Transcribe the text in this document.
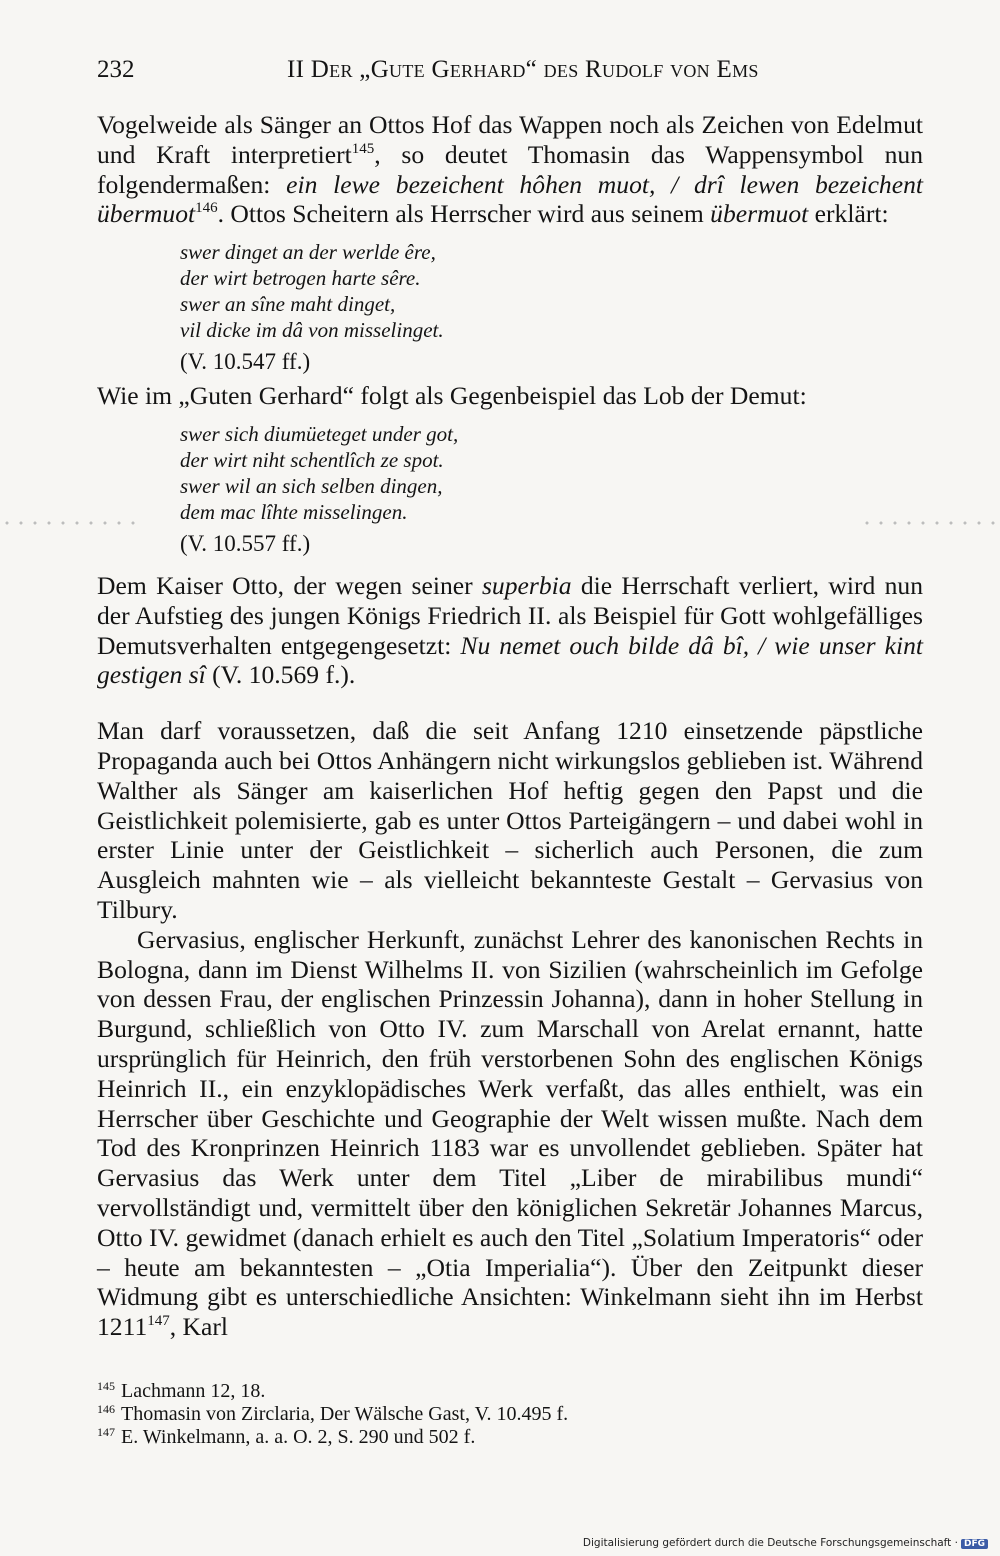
232	II Der „Gute Gerhard“ des Rudolf von Ems

Vogelweide als Sänger an Ottos Hof das Wappen noch als Zeichen von Edelmut und Kraft interpretiert$^{145}$, so deutet Thomasin das Wappensymbol nun folgendermaßen: ein lewe bezeichent hôhen muot, / drî lewen bezeichent übermuot$^{146}$. Ottos Scheitern als Herrscher wird aus seinem übermuot erklärt:

swer dinget an der werlde êre,
der wirt betrogen harte sêre.
swer an sîne maht dinget,
vil dicke im dâ von misselinget.
(V. 10.547 ff.)

Wie im „Guten Gerhard“ folgt als Gegenbeispiel das Lob der Demut:

swer sich diumüeteget under got,
der wirt niht schentlîch ze spot.
swer wil an sich selben dingen,
dem mac lîhte misselingen.
(V. 10.557 ff.)

Dem Kaiser Otto, der wegen seiner superbia die Herrschaft verliert, wird nun der Aufstieg des jungen Königs Friedrich II. als Beispiel für Gott wohlgefälliges Demutsverhalten entgegengesetzt: Nu nemet ouch bilde dâ bî, / wie unser kint gestigen sî (V. 10.569 f.).

Man darf voraussetzen, daß die seit Anfang 1210 einsetzende päpstliche Propaganda auch bei Ottos Anhängern nicht wirkungslos geblieben ist. Während Walther als Sänger am kaiserlichen Hof heftig gegen den Papst und die Geistlichkeit polemisierte, gab es unter Ottos Parteigängern – und dabei wohl in erster Linie unter der Geistlichkeit – sicherlich auch Personen, die zum Ausgleich mahnten wie – als vielleicht bekannteste Gestalt – Gervasius von Tilbury.

Gervasius, englischer Herkunft, zunächst Lehrer des kanonischen Rechts in Bologna, dann im Dienst Wilhelms II. von Sizilien (wahrscheinlich im Gefolge von dessen Frau, der englischen Prinzessin Johanna), dann in hoher Stellung in Burgund, schließlich von Otto IV. zum Marschall von Arelat ernannt, hatte ursprünglich für Heinrich, den früh verstorbenen Sohn des englischen Königs Heinrich II., ein enzyklopädisches Werk verfaßt, das alles enthielt, was ein Herrscher über Geschichte und Geographie der Welt wissen mußte. Nach dem Tod des Kronprinzen Heinrich 1183 war es unvollendet geblieben. Später hat Gervasius das Werk unter dem Titel „Liber de mirabilibus mundi“ vervollständigt und, vermittelt über den königlichen Sekretär Johannes Marcus, Otto IV. gewidmet (danach erhielt es auch den Titel „Solatium Imperatoris“ oder – heute am bekanntesten – „Otia Imperialia“). Über den Zeitpunkt dieser Widmung gibt es unterschiedliche Ansichten: Winkelmann sieht ihn im Herbst 1211$^{147}$, Karl

$^{145}$ Lachmann 12, 18.
$^{146}$ Thomasin von Zirclaria, Der Wälsche Gast, V. 10.495 f.
$^{147}$ E. Winkelmann, a. a. O. 2, S. 290 und 502 f.
Digitalisierung gefördert durch die Deutsche Forschungsgemeinschaft · DFG
